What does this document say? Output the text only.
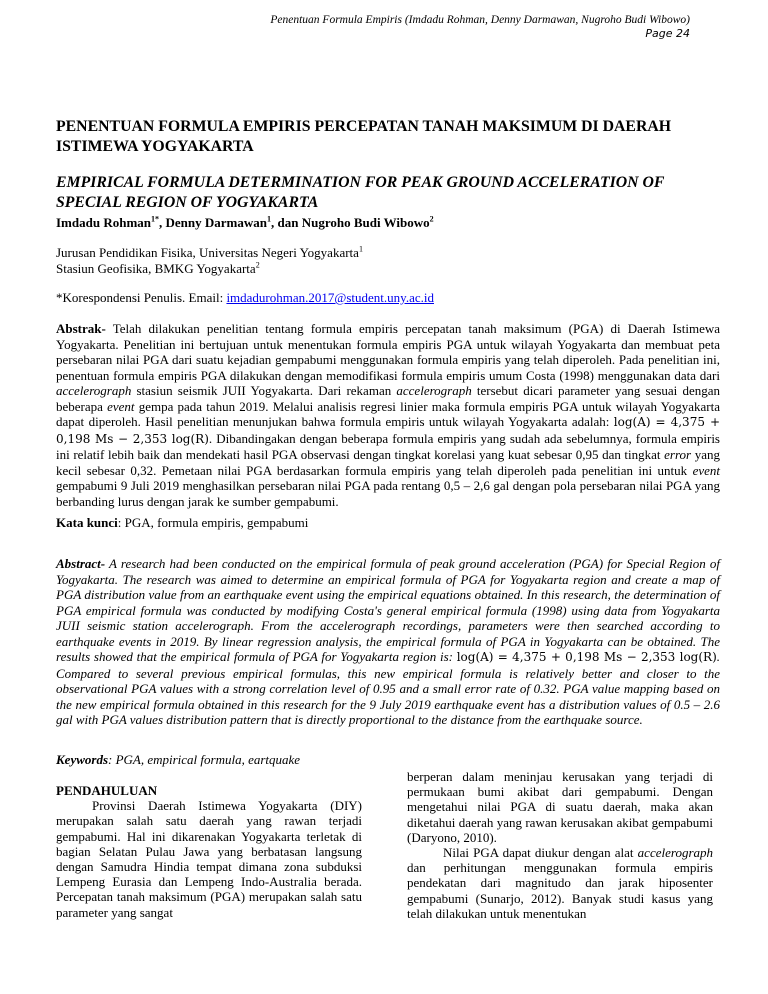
Penentuan Formula Empiris (Imdadu Rohman, Denny Darmawan, Nugroho Budi Wibowo)
Page 24
PENENTUAN FORMULA EMPIRIS PERCEPATAN TANAH MAKSIMUM DI DAERAH ISTIMEWA YOGYAKARTA
EMPIRICAL FORMULA DETERMINATION FOR PEAK GROUND ACCELERATION OF SPECIAL REGION OF YOGYAKARTA
Imdadu Rohman$^{1*}$, Denny Darmawan$^1$, dan Nugroho Budi Wibowo$^2$
Jurusan Pendidikan Fisika, Universitas Negeri Yogyakarta$^1$
Stasiun Geofisika, BMKG Yogyakarta$^2$
*Korespondensi Penulis. Email: imdadurohman.2017@student.uny.ac.id
Abstrak- Telah dilakukan penelitian tentang formula empiris percepatan tanah maksimum (PGA) di Daerah Istimewa Yogyakarta. Penelitian ini bertujuan untuk menentukan formula empiris PGA untuk wilayah Yogyakarta dan membuat peta persebaran nilai PGA dari suatu kejadian gempabumi menggunakan formula empiris yang telah diperoleh. Pada penelitian ini, penentuan formula empiris PGA dilakukan dengan memodifikasi formula empiris umum Costa (1998) menggunakan data dari accelerograph stasiun seismik JUII Yogyakarta. Dari rekaman accelerograph tersebut dicari parameter yang sesuai dengan beberapa event gempa pada tahun 2019. Melalui analisis regresi linier maka formula empiris PGA untuk wilayah Yogyakarta dapat diperoleh. Hasil penelitian menunjukan bahwa formula empiris untuk wilayah Yogyakarta adalah: log(A) = 4,375 + 0,198 Ms − 2,353 log(R). Dibandingakan dengan beberapa formula empiris yang sudah ada sebelumnya, formula empiris ini relatif lebih baik dan mendekati hasil PGA observasi dengan tingkat korelasi yang kuat sebesar 0,95 dan tingkat error yang kecil sebesar 0,32. Pemetaan nilai PGA berdasarkan formula empiris yang telah diperoleh pada penelitian ini untuk event gempabumi 9 Juli 2019 menghasilkan persebaran nilai PGA pada rentang 0,5 – 2,6 gal dengan pola persebaran nilai PGA yang berbanding lurus dengan jarak ke sumber gempabumi.
Kata kunci: PGA, formula empiris, gempabumi
Abstract- A research had been conducted on the empirical formula of peak ground acceleration (PGA) for Special Region of Yogyakarta. The research was aimed to determine an empirical formula of PGA for Yogyakarta region and create a map of PGA distribution value from an earthquake event using the empirical equations obtained. In this research, the determination of PGA empirical formula was conducted by modifying Costa's general empirical formula (1998) using data from Yogyakarta JUII seismic station accelerograph. From the accelerograph recordings, parameters were then searched according to earthquake events in 2019. By linear regression analysis, the empirical formula of PGA in Yogyakarta can be obtained. The results showed that the empirical formula of PGA for Yogyakarta region is: log(A) = 4,375 + 0,198 Ms − 2,353 log(R). Compared to several previous empirical formulas, this new empirical formula is relatively better and closer to the observational PGA values with a strong correlation level of 0.95 and a small error rate of 0.32. PGA value mapping based on the new empirical formula obtained in this research for the 9 July 2019 earthquake event has a distribution values of 0.5 – 2.6 gal with PGA values distribution pattern that is directly proportional to the distance from the earthquake source.
Keywords: PGA, empirical formula, eartquake
PENDAHULUAN

Provinsi Daerah Istimewa Yogyakarta (DIY) merupakan salah satu daerah yang rawan terjadi gempabumi. Hal ini dikarenakan Yogyakarta terletak di bagian Selatan Pulau Jawa yang berbatasan langsung dengan Samudra Hindia tempat dimana zona subduksi Lempeng Eurasia dan Lempeng Indo-Australia berada. Percepatan tanah maksimum (PGA) merupakan salah satu parameter yang sangat

berperan dalam meninjau kerusakan yang terjadi di permukaan bumi akibat dari gempabumi. Dengan mengetahui nilai PGA di suatu daerah, maka akan diketahui daerah yang rawan kerusakan akibat gempabumi (Daryono, 2010).

Nilai PGA dapat diukur dengan alat accelerograph dan perhitungan menggunakan formula empiris pendekatan dari magnitudo dan jarak hiposenter gempabumi (Sunarjo, 2012). Banyak studi kasus yang telah dilakukan untuk menentukan
